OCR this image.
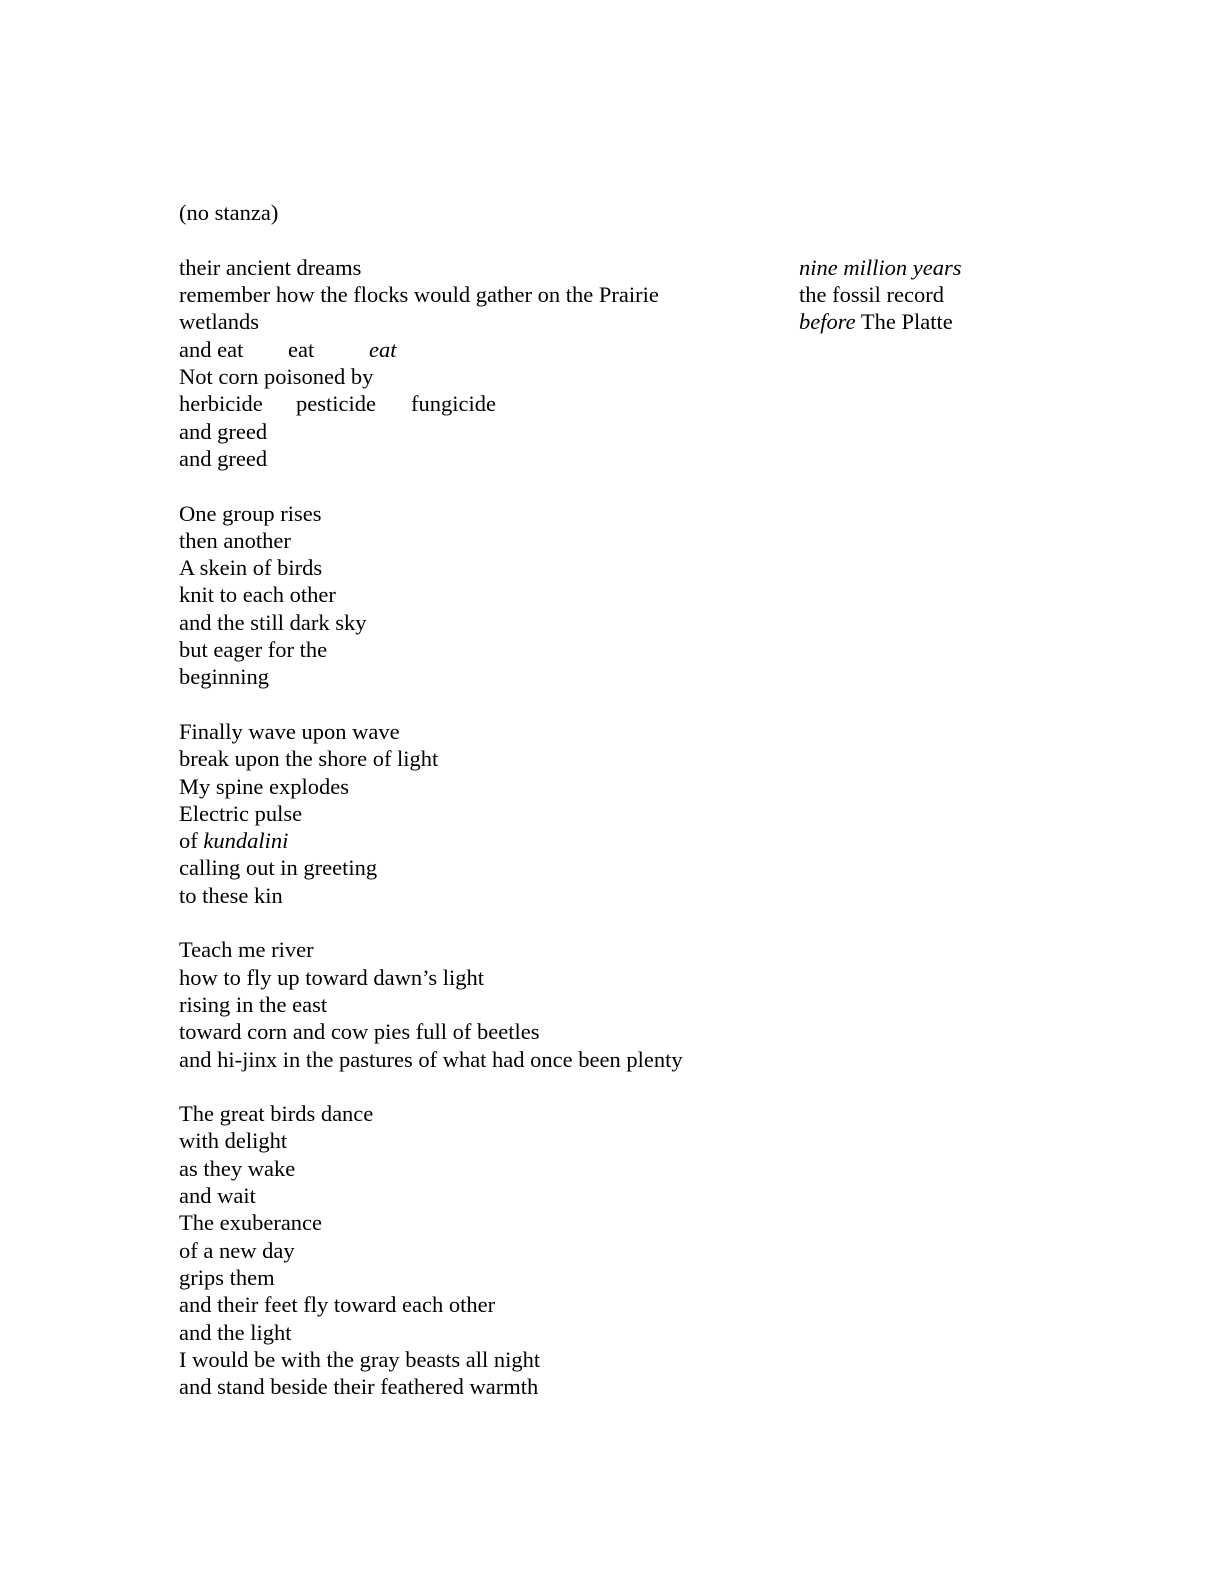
(no stanza)
their ancient dreams
remember how the flocks would gather on the Prairie
wetlands

and eat

eat

eat

Not corn poisoned by

herbicide

pesticide

fungicide

and greed
and greed
nine million years
the fossil record
before The Platte
One group rises
then another
A skein of birds
knit to each other
and the still dark sky
but eager for the
beginning
Finally wave upon wave
break upon the shore of light
My spine explodes
Electric pulse
of kundalini
calling out in greeting
to these kin
Teach me river
how to fly up toward dawn’s light
rising in the east
toward corn and cow pies full of beetles
and hi-jinx in the pastures of what had once been plenty
The great birds dance
with delight
as they wake
and wait
The exuberance
of a new day
grips them
and their feet fly toward each other
and the light
I would be with the gray beasts all night
and stand beside their feathered warmth
